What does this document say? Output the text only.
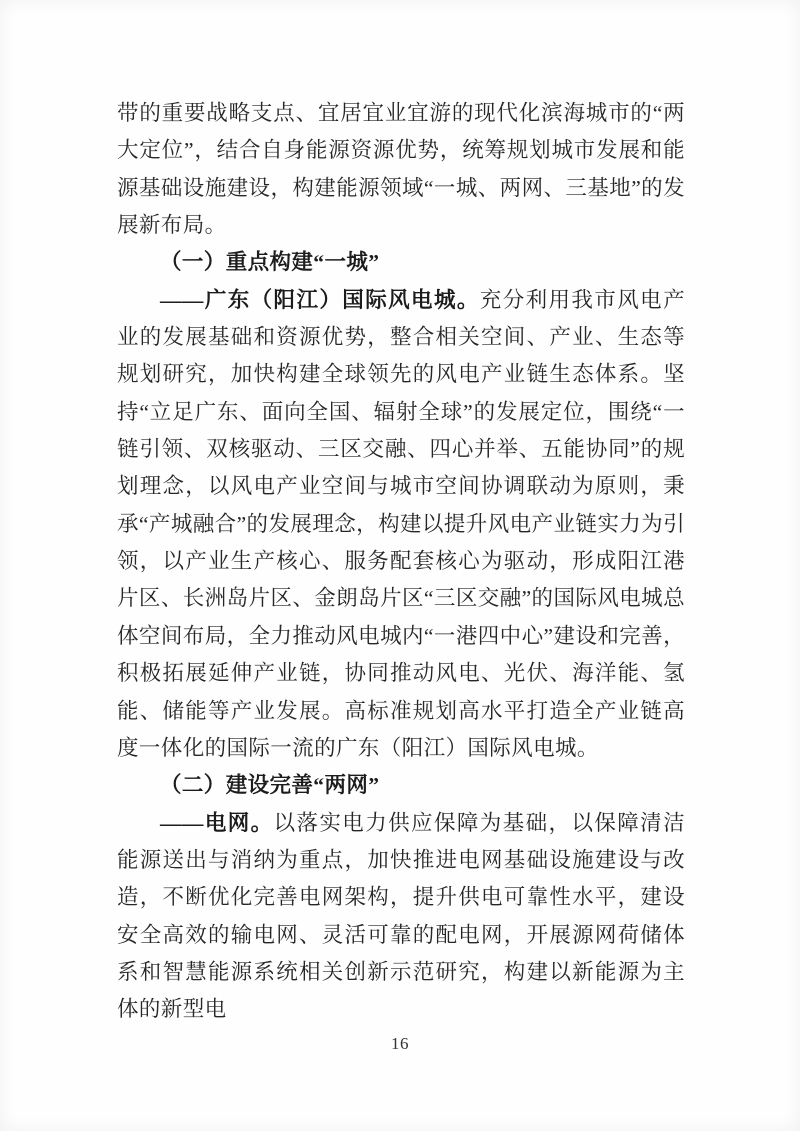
带的重要战略支点、宜居宜业宜游的现代化滨海城市的“两大定位”，结合自身能源资源优势，统筹规划城市发展和能源基础设施建设，构建能源领域“一城、两网、三基地”的发展新布局。

（一）重点构建“一城”

——广东（阳江）国际风电城。充分利用我市风电产业的发展基础和资源优势，整合相关空间、产业、生态等规划研究，加快构建全球领先的风电产业链生态体系。坚持“立足广东、面向全国、辐射全球”的发展定位，围绕“一链引领、双核驱动、三区交融、四心并举、五能协同”的规划理念，以风电产业空间与城市空间协调联动为原则，秉承“产城融合”的发展理念，构建以提升风电产业链实力为引领，以产业生产核心、服务配套核心为驱动，形成阳江港片区、长洲岛片区、金朗岛片区“三区交融”的国际风电城总体空间布局，全力推动风电城内“一港四中心”建设和完善，积极拓展延伸产业链，协同推动风电、光伏、海洋能、氢能、储能等产业发展。高标准规划高水平打造全产业链高度一体化的国际一流的广东（阳江）国际风电城。

（二）建设完善“两网”

——电网。以落实电力供应保障为基础，以保障清洁能源送出与消纳为重点，加快推进电网基础设施建设与改造，不断优化完善电网架构，提升供电可靠性水平，建设安全高效的输电网、灵活可靠的配电网，开展源网荷储体系和智慧能源系统相关创新示范研究，构建以新能源为主体的新型电

16
